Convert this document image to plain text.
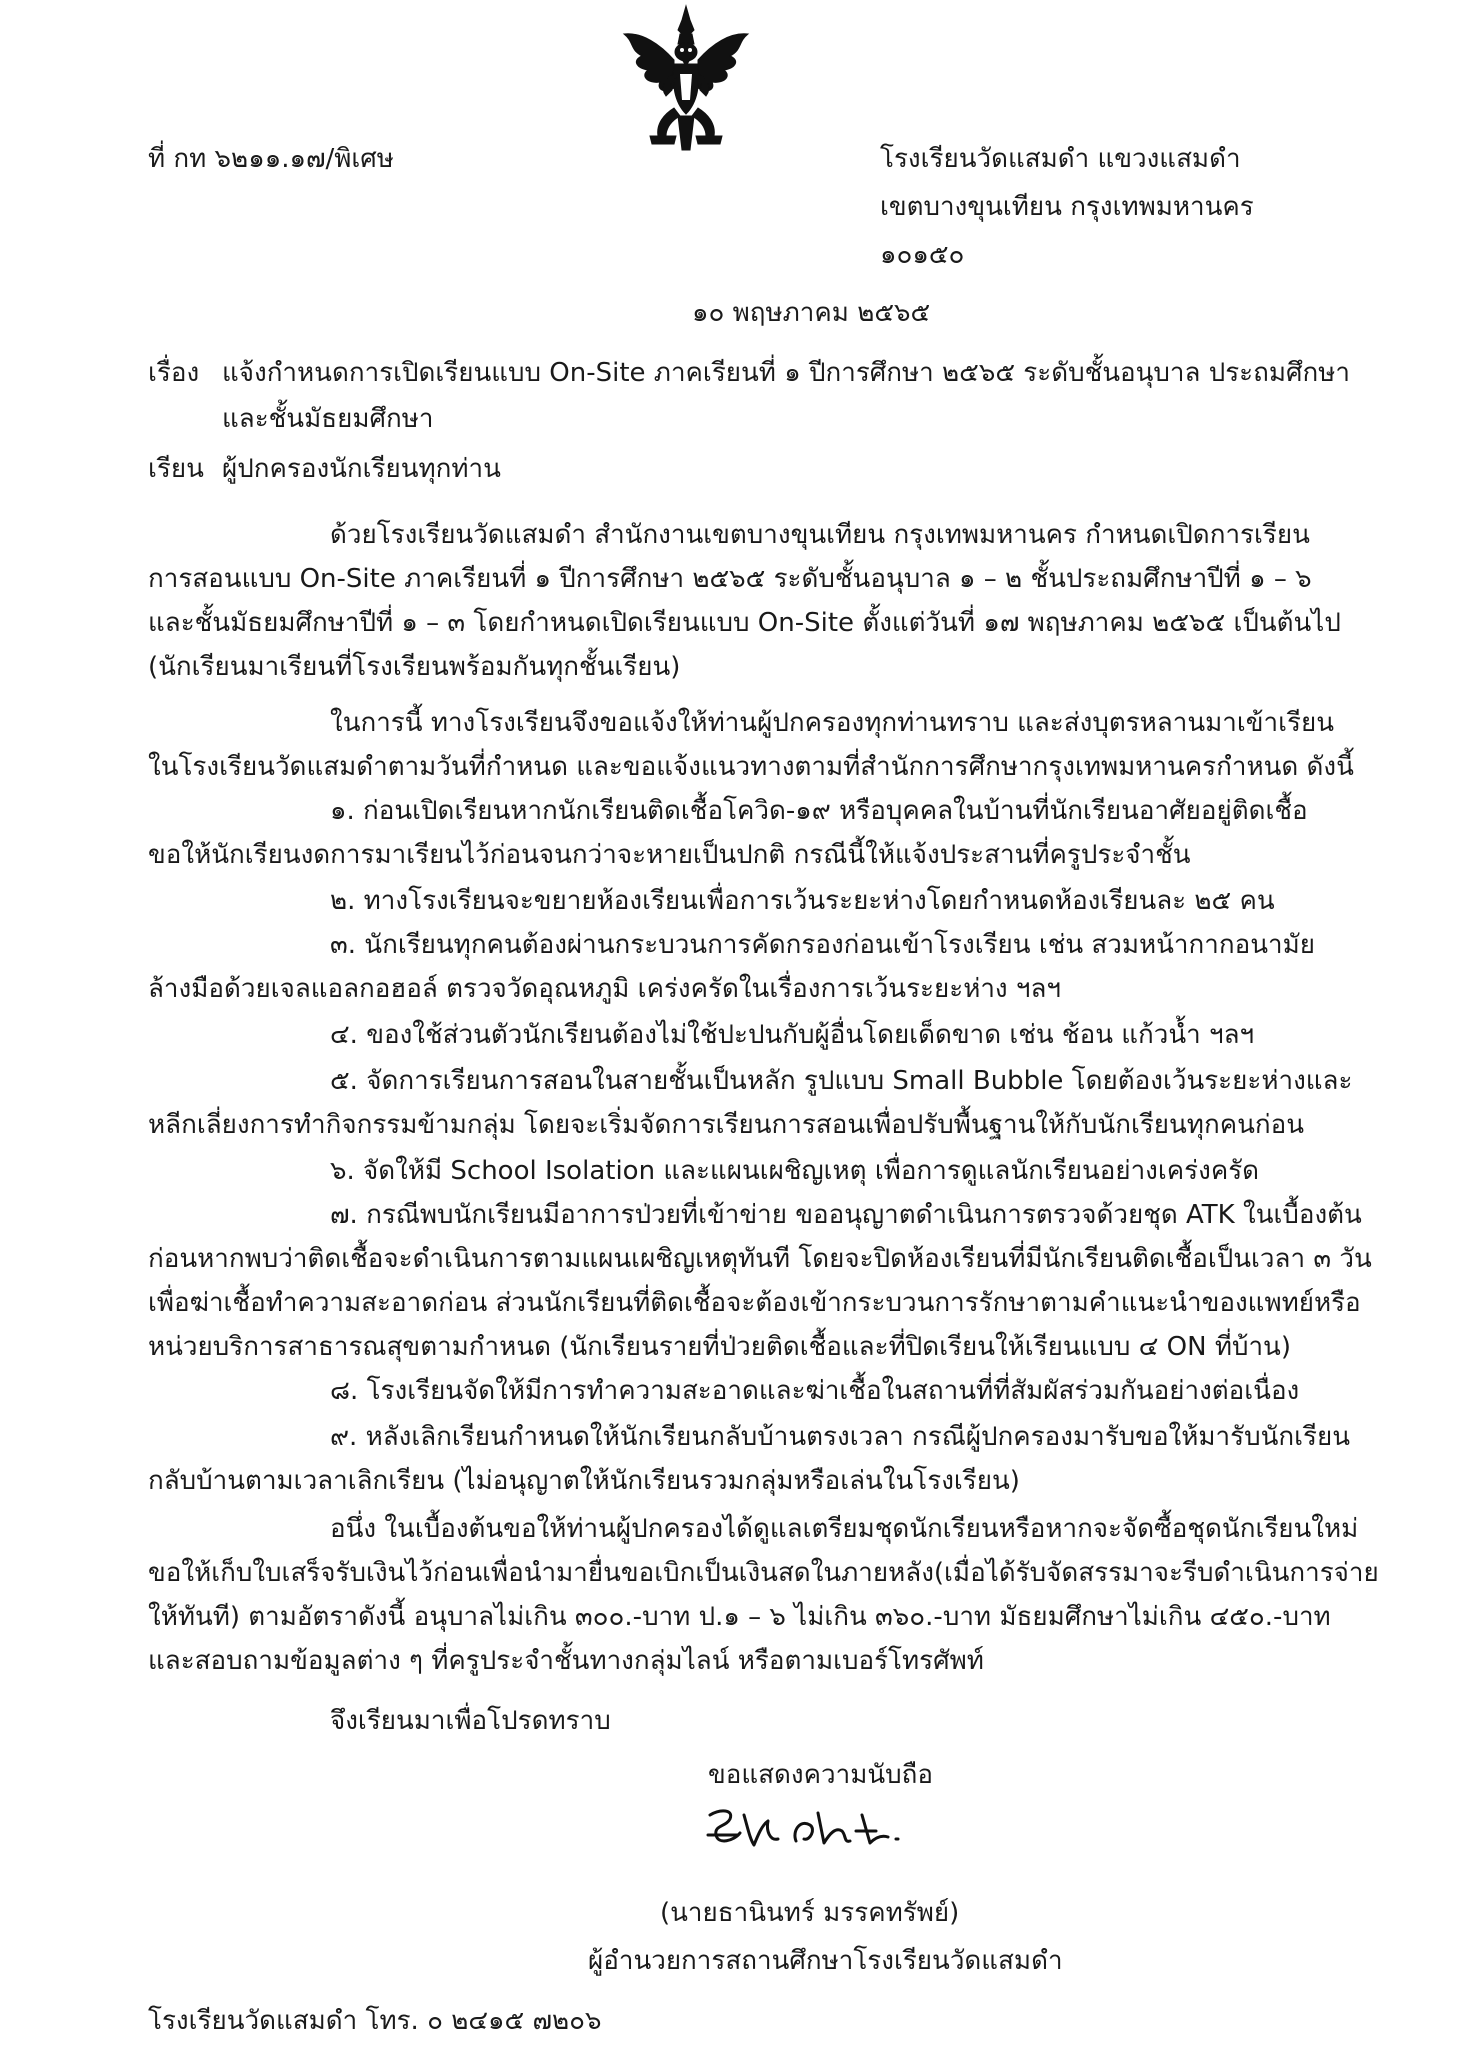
ที่ กท ๖๒๑๑.๑๗/พิเศษ	โรงเรียนวัดแสมดำ แขวงแสมดำ
เขตบางขุนเทียน กรุงเทพมหานคร
๑๐๑๕๐
๑๐ พฤษภาคม ๒๕๖๕
เรื่อง แจ้งกำหนดการเปิดเรียนแบบ On-Site ภาคเรียนที่ ๑ ปีการศึกษา ๒๕๖๕ ระดับชั้นอนุบาล ประถมศึกษา
และชั้นมัธยมศึกษา
เรียน ผู้ปกครองนักเรียนทุกท่าน
ด้วยโรงเรียนวัดแสมดำ สำนักงานเขตบางขุนเทียน กรุงเทพมหานคร กำหนดเปิดการเรียน
การสอนแบบ On-Site ภาคเรียนที่ ๑ ปีการศึกษา ๒๕๖๕ ระดับชั้นอนุบาล ๑ – ๒ ชั้นประถมศึกษาปีที่ ๑ – ๖
และชั้นมัธยมศึกษาปีที่ ๑ – ๓ โดยกำหนดเปิดเรียนแบบ On-Site ตั้งแต่วันที่ ๑๗ พฤษภาคม ๒๕๖๕ เป็นต้นไป
(นักเรียนมาเรียนที่โรงเรียนพร้อมกันทุกชั้นเรียน)
ในการนี้ ทางโรงเรียนจึงขอแจ้งให้ท่านผู้ปกครองทุกท่านทราบ และส่งบุตรหลานมาเข้าเรียน
ในโรงเรียนวัดแสมดำตามวันที่กำหนด และขอแจ้งแนวทางตามที่สำนักการศึกษากรุงเทพมหานครกำหนด ดังนี้
๑. ก่อนเปิดเรียนหากนักเรียนติดเชื้อโควิด-๑๙ หรือบุคคลในบ้านที่นักเรียนอาศัยอยู่ติดเชื้อ
ขอให้นักเรียนงดการมาเรียนไว้ก่อนจนกว่าจะหายเป็นปกติ กรณีนี้ให้แจ้งประสานที่ครูประจำชั้น
๒. ทางโรงเรียนจะขยายห้องเรียนเพื่อการเว้นระยะห่างโดยกำหนดห้องเรียนละ ๒๕ คน
๓. นักเรียนทุกคนต้องผ่านกระบวนการคัดกรองก่อนเข้าโรงเรียน เช่น สวมหน้ากากอนามัย
ล้างมือด้วยเจลแอลกอฮอล์ ตรวจวัดอุณหภูมิ เคร่งครัดในเรื่องการเว้นระยะห่าง ฯลฯ
๔. ของใช้ส่วนตัวนักเรียนต้องไม่ใช้ปะปนกับผู้อื่นโดยเด็ดขาด เช่น ช้อน แก้วน้ำ ฯลฯ
๕. จัดการเรียนการสอนในสายชั้นเป็นหลัก รูปแบบ Small Bubble โดยต้องเว้นระยะห่างและ
หลีกเลี่ยงการทำกิจกรรมข้ามกลุ่ม โดยจะเริ่มจัดการเรียนการสอนเพื่อปรับพื้นฐานให้กับนักเรียนทุกคนก่อน
๖. จัดให้มี School Isolation และแผนเผชิญเหตุ เพื่อการดูแลนักเรียนอย่างเคร่งครัด
๗. กรณีพบนักเรียนมีอาการป่วยที่เข้าข่าย ขออนุญาตดำเนินการตรวจด้วยชุด ATK ในเบื้องต้น
ก่อนหากพบว่าติดเชื้อจะดำเนินการตามแผนเผชิญเหตุทันที โดยจะปิดห้องเรียนที่มีนักเรียนติดเชื้อเป็นเวลา ๓ วัน
เพื่อฆ่าเชื้อทำความสะอาดก่อน ส่วนนักเรียนที่ติดเชื้อจะต้องเข้ากระบวนการรักษาตามคำแนะนำของแพทย์หรือ
หน่วยบริการสาธารณสุขตามกำหนด (นักเรียนรายที่ป่วยติดเชื้อและที่ปิดเรียนให้เรียนแบบ ๔ ON ที่บ้าน)
๘. โรงเรียนจัดให้มีการทำความสะอาดและฆ่าเชื้อในสถานที่ที่สัมผัสร่วมกันอย่างต่อเนื่อง
๙. หลังเลิกเรียนกำหนดให้นักเรียนกลับบ้านตรงเวลา กรณีผู้ปกครองมารับขอให้มารับนักเรียน
กลับบ้านตามเวลาเลิกเรียน (ไม่อนุญาตให้นักเรียนรวมกลุ่มหรือเล่นในโรงเรียน)
อนึ่ง ในเบื้องต้นขอให้ท่านผู้ปกครองได้ดูแลเตรียมชุดนักเรียนหรือหากจะจัดซื้อชุดนักเรียนใหม่
ขอให้เก็บใบเสร็จรับเงินไว้ก่อนเพื่อนำมายื่นขอเบิกเป็นเงินสดในภายหลัง(เมื่อได้รับจัดสรรมาจะรีบดำเนินการจ่าย
ให้ทันที) ตามอัตราดังนี้ อนุบาลไม่เกิน ๓๐๐.-บาท ป.๑ – ๖ ไม่เกิน ๓๖๐.-บาท มัธยมศึกษาไม่เกิน ๔๕๐.-บาท
และสอบถามข้อมูลต่าง ๆ ที่ครูประจำชั้นทางกลุ่มไลน์ หรือตามเบอร์โทรศัพท์
จึงเรียนมาเพื่อโปรดทราบ
ขอแสดงความนับถือ
(นายธานินทร์ มรรคทรัพย์)
ผู้อำนวยการสถานศึกษาโรงเรียนวัดแสมดำ
โรงเรียนวัดแสมดำ โทร. ๐ ๒๔๑๕ ๗๒๐๖
